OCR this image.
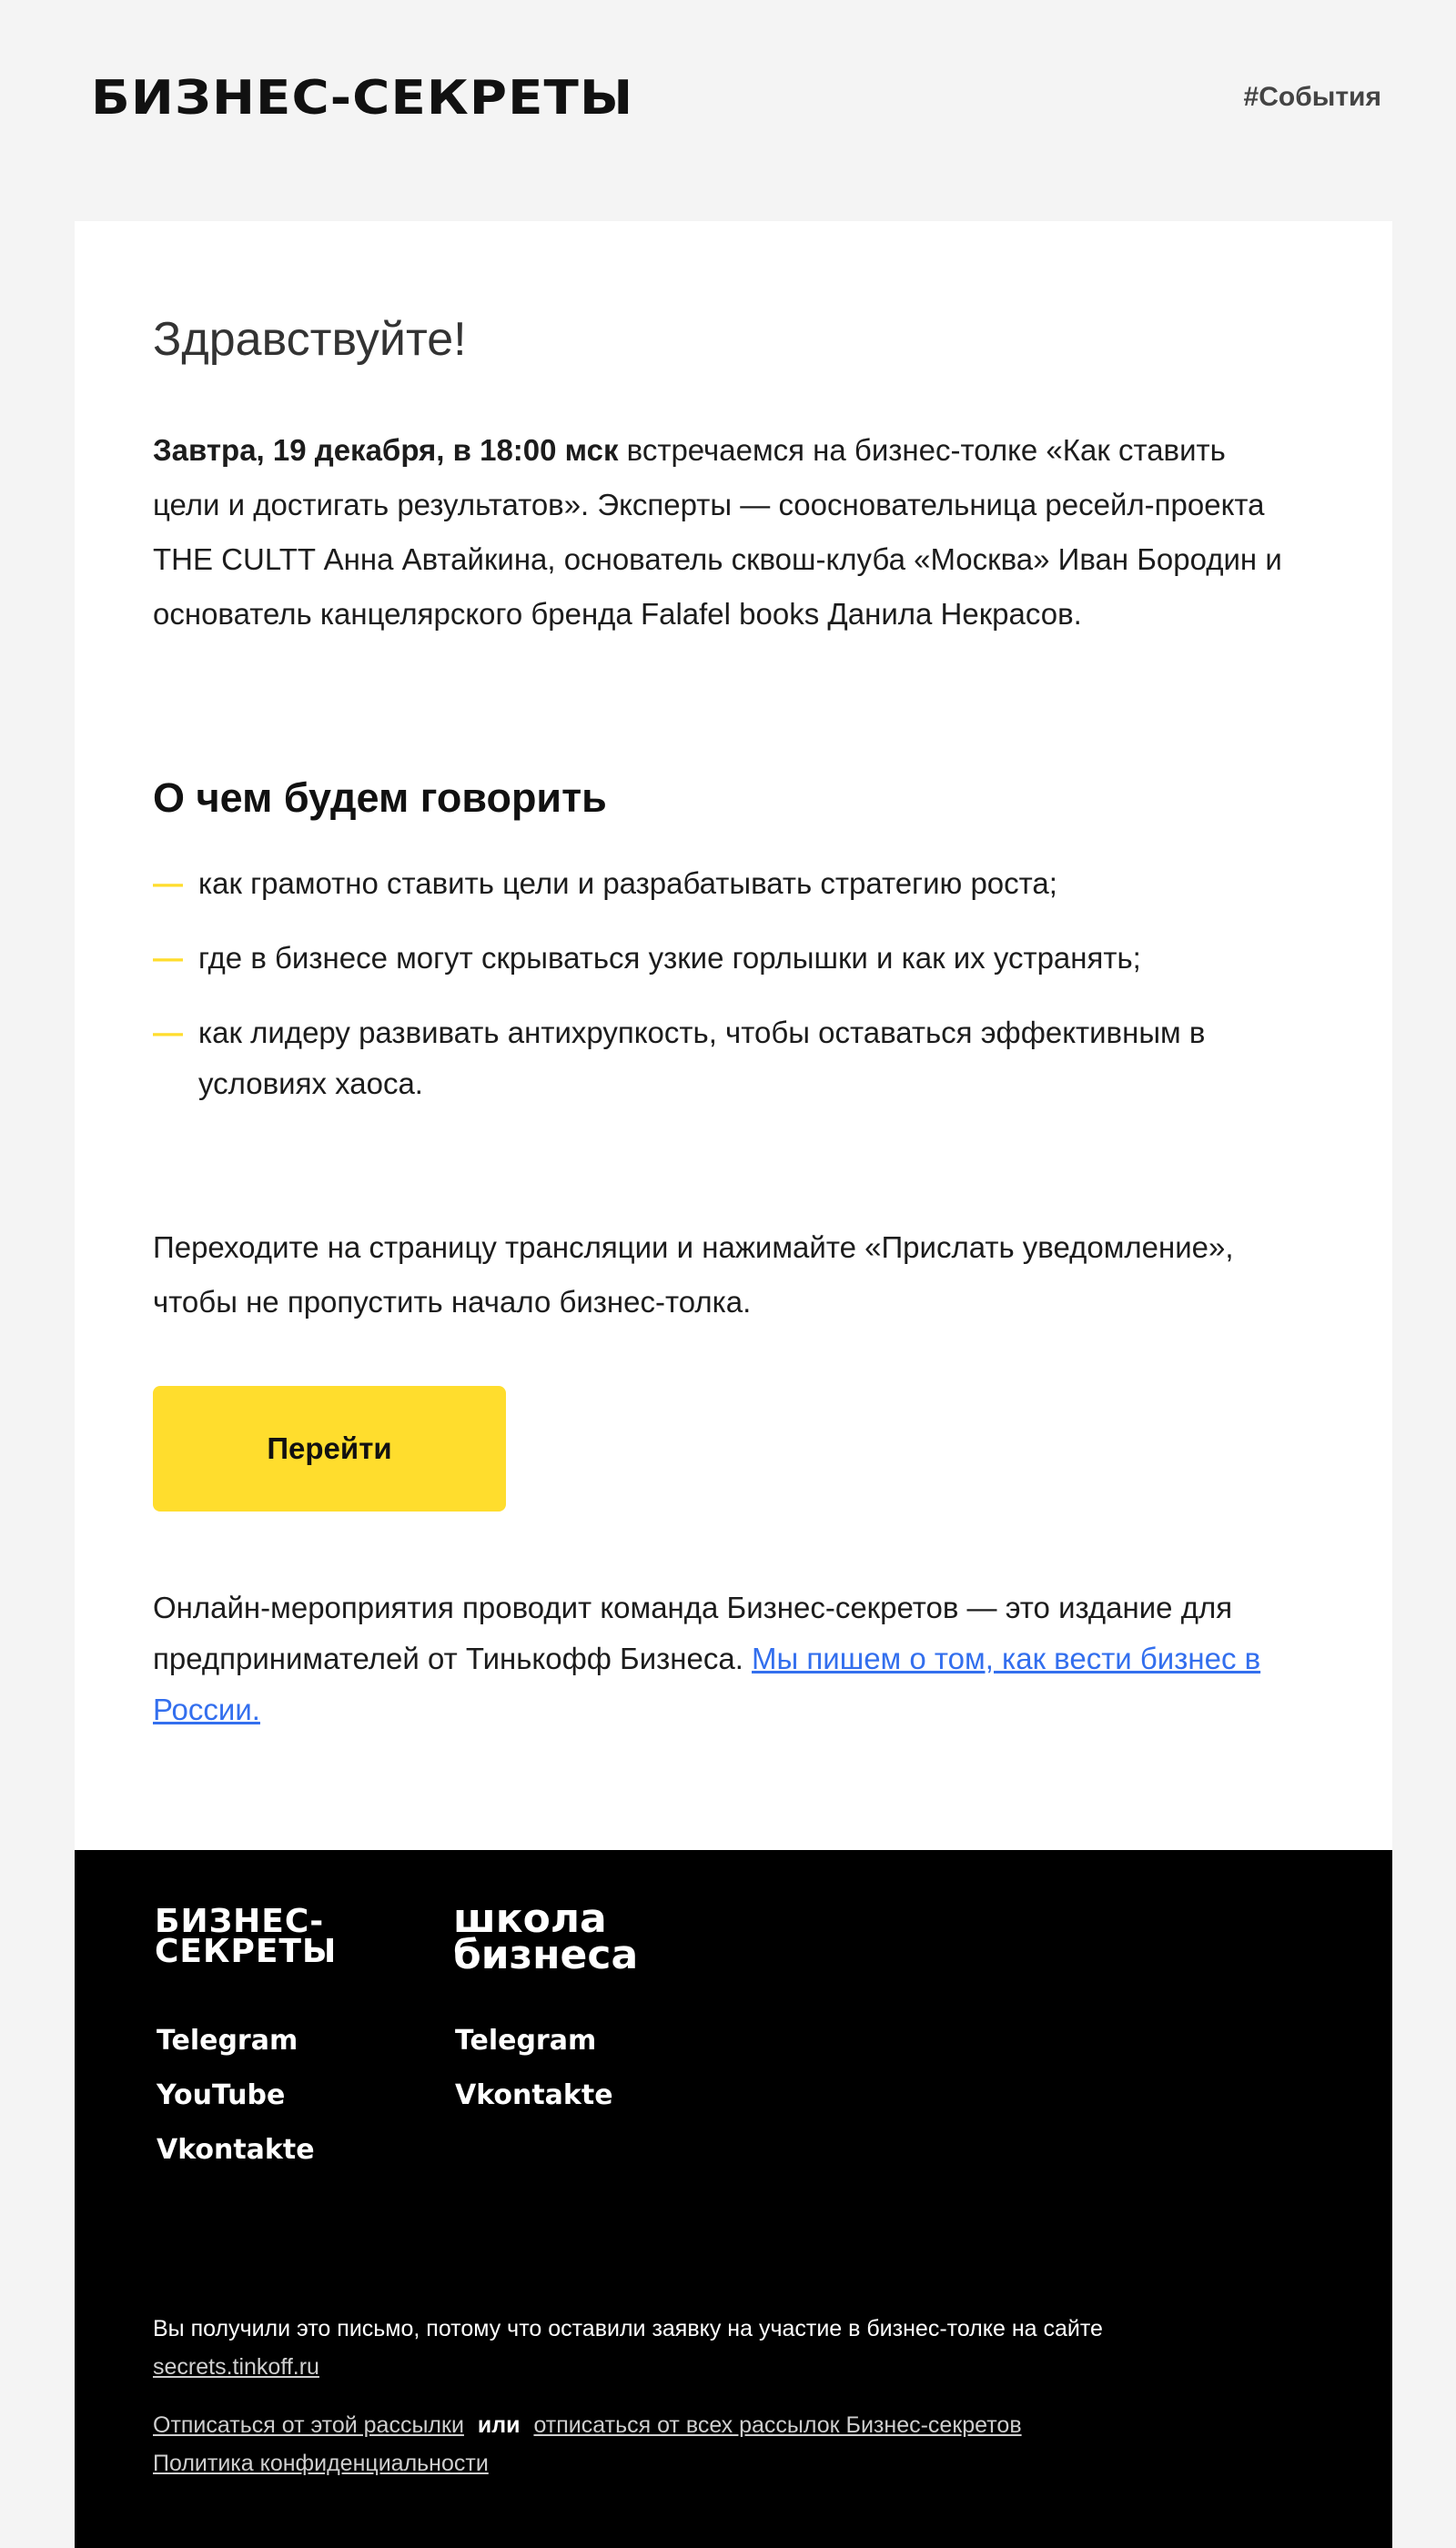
БИЗНЕС-СЕКРЕТЫ	#События
Здравствуйте!

Завтра, 19 декабря, в 18:00 мск встречаемся на бизнес-толке «Как ставить цели и достигать результатов». Эксперты — соосновательница ресейл-проекта THE CULTT Анна Автайкина, основатель сквош-клуба «Москва» Иван Бородин и основатель канцелярского бренда Falafel books Данила Некрасов.

О чем будем говорить
— как грамотно ставить цели и разрабатывать стратегию роста;
— где в бизнесе могут скрываться узкие горлышки и как их устранять;
— как лидеру развивать антихрупкость, чтобы оставаться эффективным в условиях хаоса.

Переходите на страницу трансляции и нажимайте «Прислать уведомление», чтобы не пропустить начало бизнес-толка.

Перейти

Онлайн-мероприятия проводит команда Бизнес-секретов — это издание для предпринимателей от Тинькофф Бизнеса. Мы пишем о том, как вести бизнес в России.

БИЗНЕС-
СЕКРЕТЫ
школа
бизнеса
Telegram
YouTube
Vkontakte
Telegram
Vkontakte
Вы получили это письмо, потому что оставили заявку на участие в бизнес-толке на сайте
secrets.tinkoff.ru
Отписаться от этой рассылки или отписаться от всех рассылок Бизнес-секретов
Политика конфиденциальности
